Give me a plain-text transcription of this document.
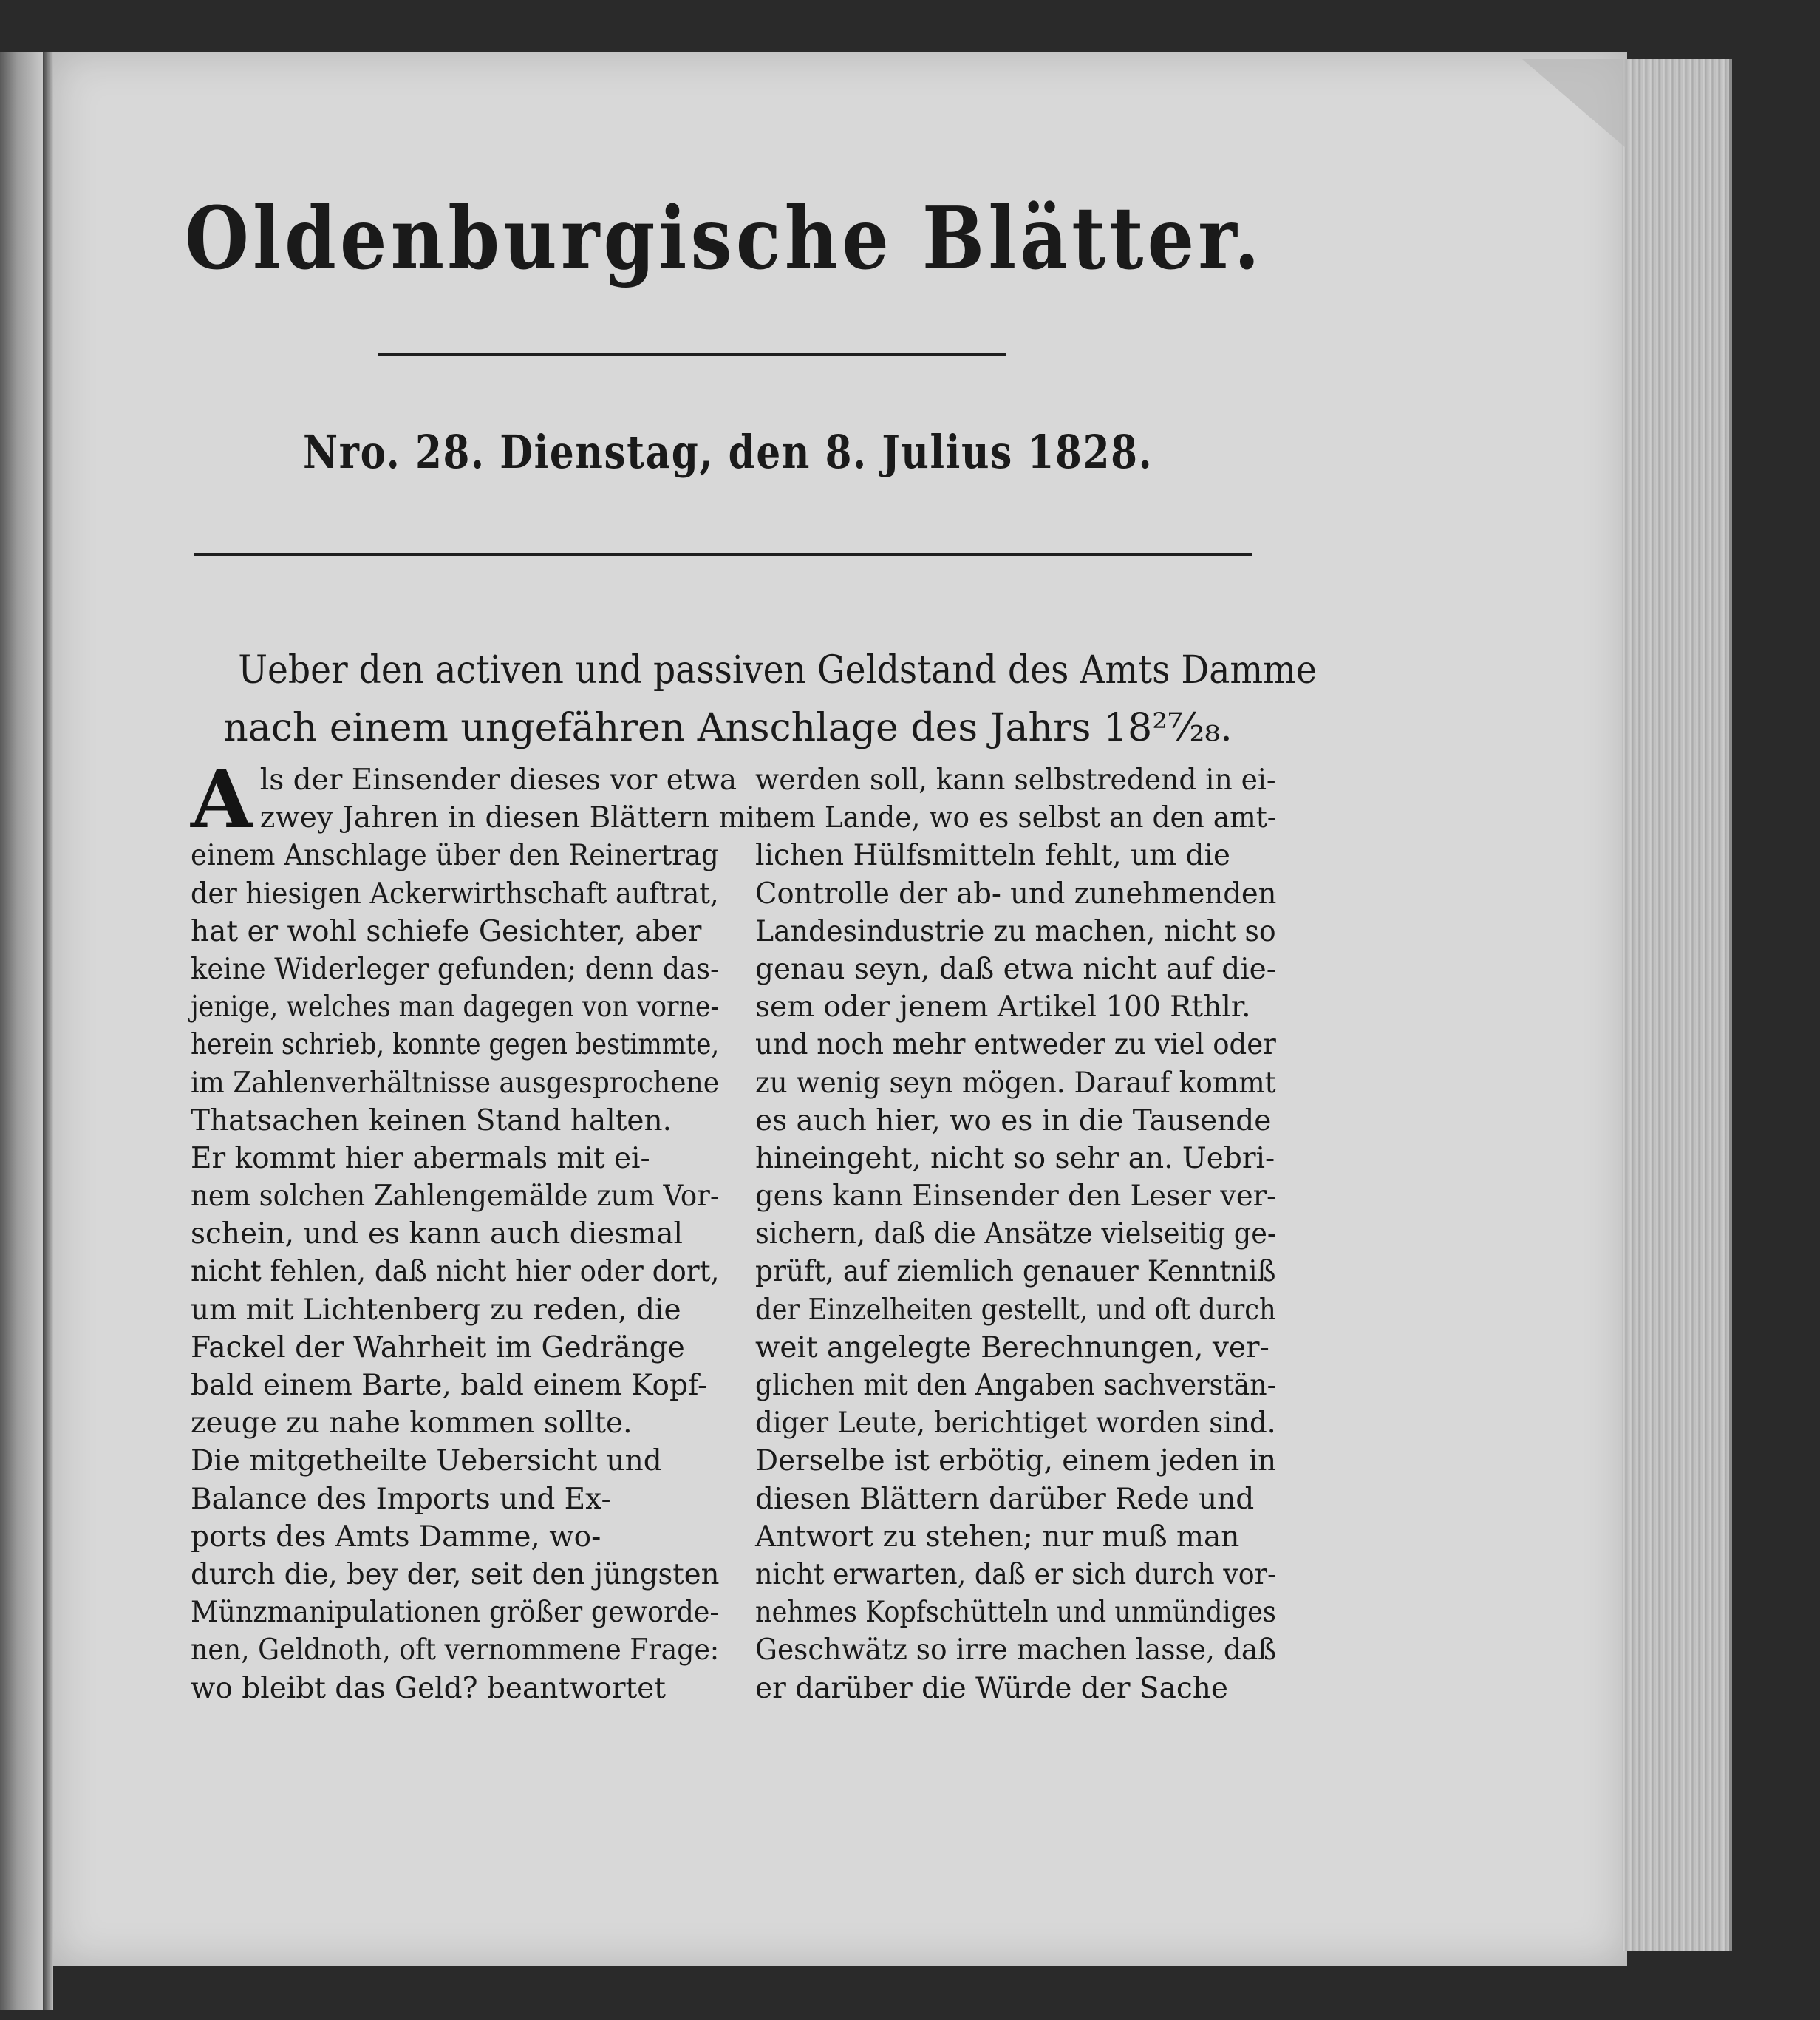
Oldenburgische Blätter.
Nro. 28. Dienstag, den 8. Julius 1828.
Ueber den activen und passiven Geldstand des Amts Damme
nach einem ungefähren Anschlage des Jahrs 18²⁷⁄₂₈.
A ls der Einsender dieses vor etwa
zwey Jahren in diesen Blättern mit
einem Anschlage über den Reinertrag
der hiesigen Ackerwirthschaft auftrat,
hat er wohl schiefe Gesichter, aber
keine Widerleger gefunden; denn das-
jenige, welches man dagegen von vorne-
herein schrieb, konnte gegen bestimmte,
im Zahlenverhältnisse ausgesprochene
Thatsachen keinen Stand halten.
Er kommt hier abermals mit ei-
nem solchen Zahlengemälde zum Vor-
schein, und es kann auch diesmal
nicht fehlen, daß nicht hier oder dort,
um mit Lichtenberg zu reden, die
Fackel der Wahrheit im Gedränge
bald einem Barte, bald einem Kopf-
zeuge zu nahe kommen sollte.
Die mitgetheilte Uebersicht und
Balance des Imports und Ex-
ports des Amts Damme, wo-
durch die, bey der, seit den jüngsten
Münzmanipulationen größer geworde-
nen, Geldnoth, oft vernommene Frage:
wo bleibt das Geld? beantwortet
werden soll, kann selbstredend in ei-
nem Lande, wo es selbst an den amt-
lichen Hülfsmitteln fehlt, um die
Controlle der ab- und zunehmenden
Landesindustrie zu machen, nicht so
genau seyn, daß etwa nicht auf die-
sem oder jenem Artikel 100 Rthlr.
und noch mehr entweder zu viel oder
zu wenig seyn mögen. Darauf kommt
es auch hier, wo es in die Tausende
hineingeht, nicht so sehr an. Uebri-
gens kann Einsender den Leser ver-
sichern, daß die Ansätze vielseitig ge-
prüft, auf ziemlich genauer Kenntniß
der Einzelheiten gestellt, und oft durch
weit angelegte Berechnungen, ver-
glichen mit den Angaben sachverstän-
diger Leute, berichtiget worden sind.
Derselbe ist erbötig, einem jeden in
diesen Blättern darüber Rede und
Antwort zu stehen; nur muß man
nicht erwarten, daß er sich durch vor-
nehmes Kopfschütteln und unmündiges
Geschwätz so irre machen lasse, daß
er darüber die Würde der Sache
